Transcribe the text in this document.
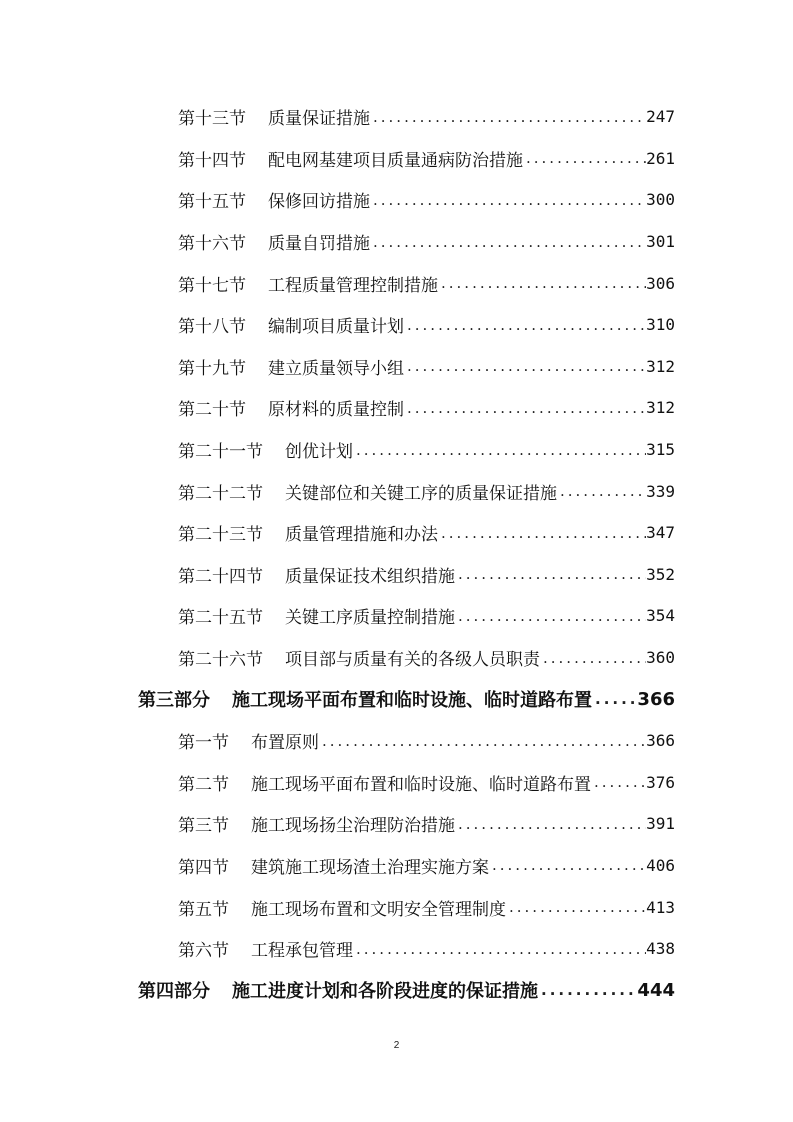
第十三节	质量保证措施 .....	247
第十四节	配电网基建项目质量通病防治措施 .....	261
第十五节	保修回访措施 .....	300
第十六节	质量自罚措施 .....	301
第十七节	工程质量管理控制措施 .....	306
第十八节	编制项目质量计划 .....	310
第十九节	建立质量领导小组 .....	312
第二十节	原材料的质量控制 .....	312
第二十一节	创优计划 .....	315
第二十二节	关键部位和关键工序的质量保证措施 .....	339
第二十三节	质量管理措施和办法 .....	347
第二十四节	质量保证技术组织措施 .....	352
第二十五节	关键工序质量控制措施 .....	354
第二十六节	项目部与质量有关的各级人员职责 .....	360
第三部分	施工现场平面布置和临时设施、临时道路布置 .....	366
第一节	布置原则 .....	366
第二节	施工现场平面布置和临时设施、临时道路布置 .....	376
第三节	施工现场扬尘治理防治措施 .....	391
第四节	建筑施工现场渣土治理实施方案 .....	406
第五节	施工现场布置和文明安全管理制度 .....	413
第六节	工程承包管理 .....	438
第四部分	施工进度计划和各阶段进度的保证措施 .....	444
2
